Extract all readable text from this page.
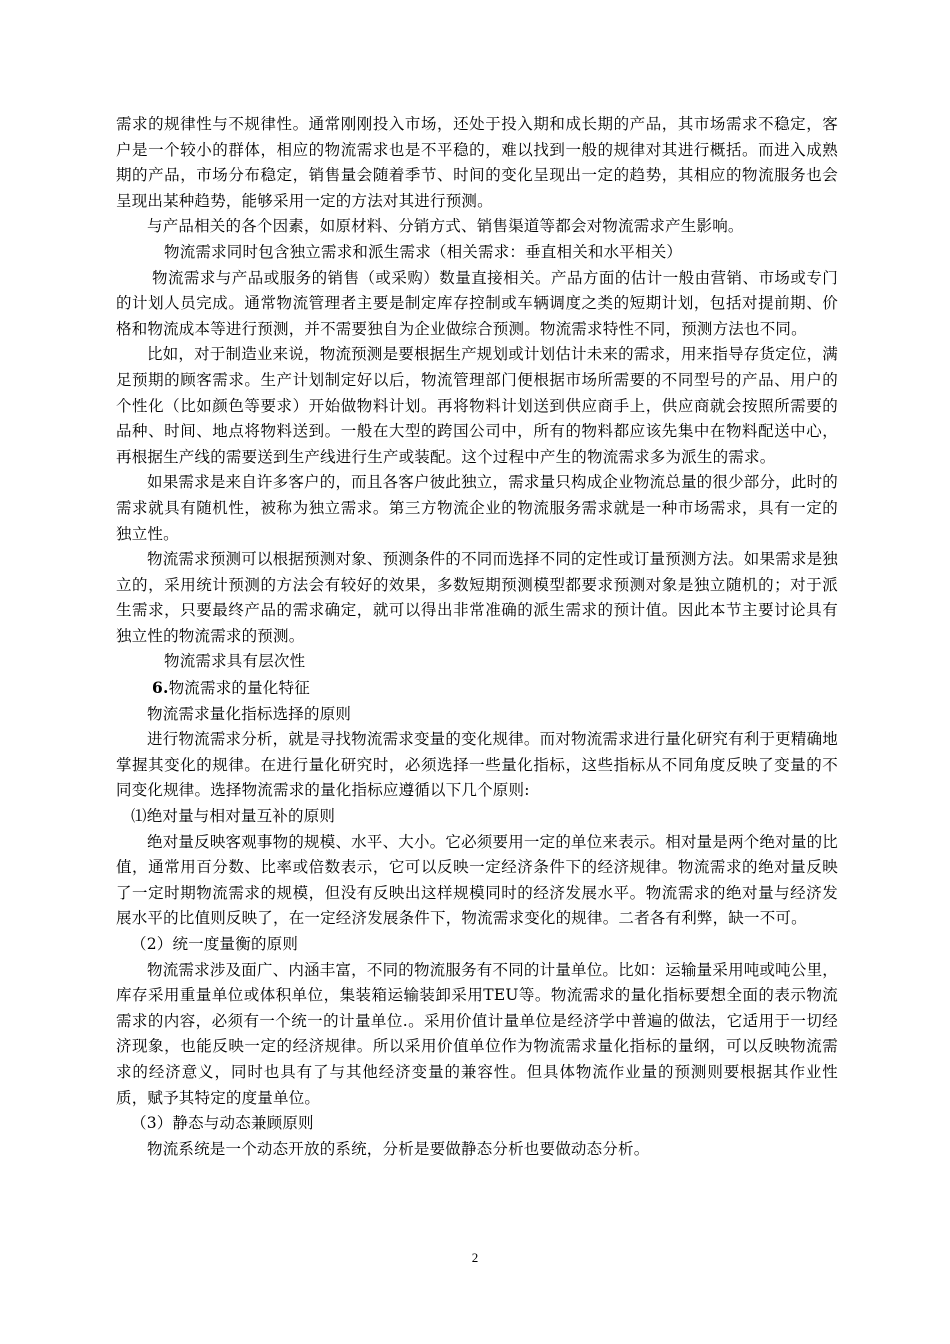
需求的规律性与不规律性。通常刚刚投入市场，还处于投入期和成长期的产品，其市场需求不稳定，客户是一个较小的群体，相应的物流需求也是不平稳的，难以找到一般的规律对其进行概括。而进入成熟期的产品，市场分布稳定，销售量会随着季节、时间的变化呈现出一定的趋势，其相应的物流服务也会呈现出某种趋势，能够采用一定的方法对其进行预测。

与产品相关的各个因素，如原材料、分销方式、销售渠道等都会对物流需求产生影响。

物流需求同时包含独立需求和派生需求（相关需求：垂直相关和水平相关）

物流需求与产品或服务的销售（或采购）数量直接相关。产品方面的估计一般由营销、市场或专门的计划人员完成。通常物流管理者主要是制定库存控制或车辆调度之类的短期计划，包括对提前期、价格和物流成本等进行预测，并不需要独自为企业做综合预测。物流需求特性不同，预测方法也不同。

比如，对于制造业来说，物流预测是要根据生产规划或计划估计未来的需求，用来指导存货定位，满足预期的顾客需求。生产计划制定好以后，物流管理部门便根据市场所需要的不同型号的产品、用户的个性化（比如颜色等要求）开始做物料计划。再将物料计划送到供应商手上，供应商就会按照所需要的品种、时间、地点将物料送到。一般在大型的跨国公司中，所有的物料都应该先集中在物料配送中心，再根据生产线的需要送到生产线进行生产或装配。这个过程中产生的物流需求多为派生的需求。

如果需求是来自许多客户的，而且各客户彼此独立，需求量只构成企业物流总量的很少部分，此时的需求就具有随机性，被称为独立需求。第三方物流企业的物流服务需求就是一种市场需求，具有一定的独立性。

物流需求预测可以根据预测对象、预测条件的不同而选择不同的定性或订量预测方法。如果需求是独立的，采用统计预测的方法会有较好的效果，多数短期预测模型都要求预测对象是独立随机的；对于派生需求，只要最终产品的需求确定，就可以得出非常准确的派生需求的预计值。因此本节主要讨论具有独立性的物流需求的预测。

物流需求具有层次性

6.物流需求的量化特征

物流需求量化指标选择的原则

进行物流需求分析，就是寻找物流需求变量的变化规律。而对物流需求进行量化研究有利于更精确地掌握其变化的规律。在进行量化研究时，必须选择一些量化指标，这些指标从不同角度反映了变量的不同变化规律。选择物流需求的量化指标应遵循以下几个原则:

⑴绝对量与相对量互补的原则

绝对量反映客观事物的规模、水平、大小。它必须要用一定的单位来表示。相对量是两个绝对量的比值，通常用百分数、比率或倍数表示，它可以反映一定经济条件下的经济规律。物流需求的绝对量反映了一定时期物流需求的规模，但没有反映出这样规模同时的经济发展水平。物流需求的绝对量与经济发展水平的比值则反映了，在一定经济发展条件下，物流需求变化的规律。二者各有利弊，缺一不可。

（2）统一度量衡的原则

物流需求涉及面广、内涵丰富，不同的物流服务有不同的计量单位。比如：运输量采用吨或吨公里，库存采用重量单位或体积单位，集装箱运输装卸采用TEU等。物流需求的量化指标要想全面的表示物流需求的内容，必须有一个统一的计量单位.。采用价值计量单位是经济学中普遍的做法，它适用于一切经济现象，也能反映一定的经济规律。所以采用价值单位作为物流需求量化指标的量纲，可以反映物流需求的经济意义，同时也具有了与其他经济变量的兼容性。但具体物流作业量的预测则要根据其作业性质，赋予其特定的度量单位。

（3）静态与动态兼顾原则

物流系统是一个动态开放的系统，分析是要做静态分析也要做动态分析。

2
